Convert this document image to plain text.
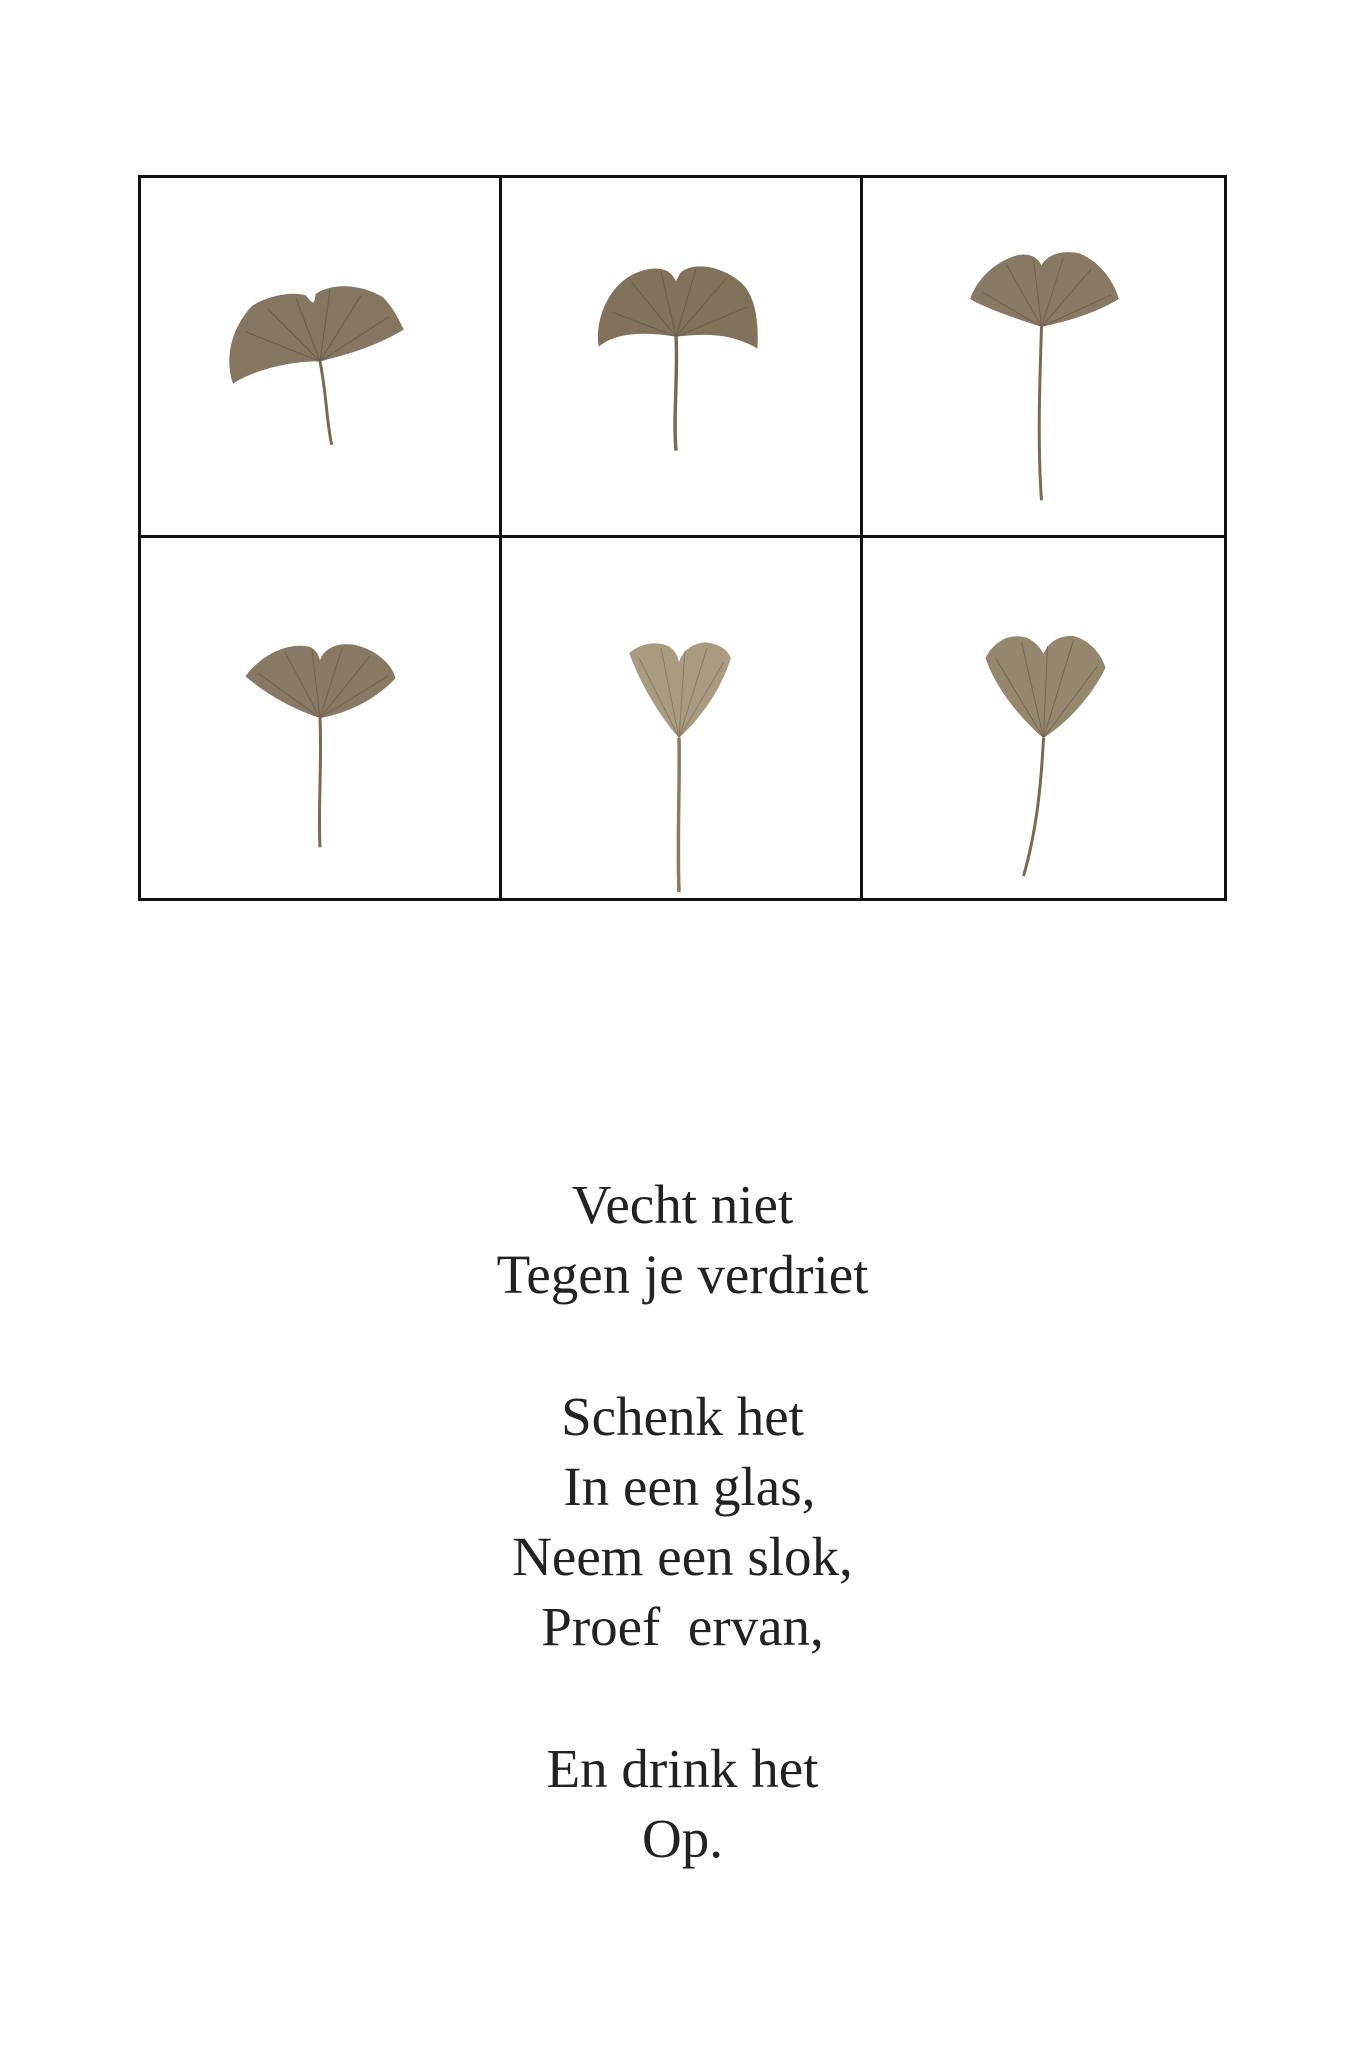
Vecht niet
Tegen je verdriet
Schenk het
In een glas,
Neem een slok,
Proef  ervan,
En drink het
Op.
